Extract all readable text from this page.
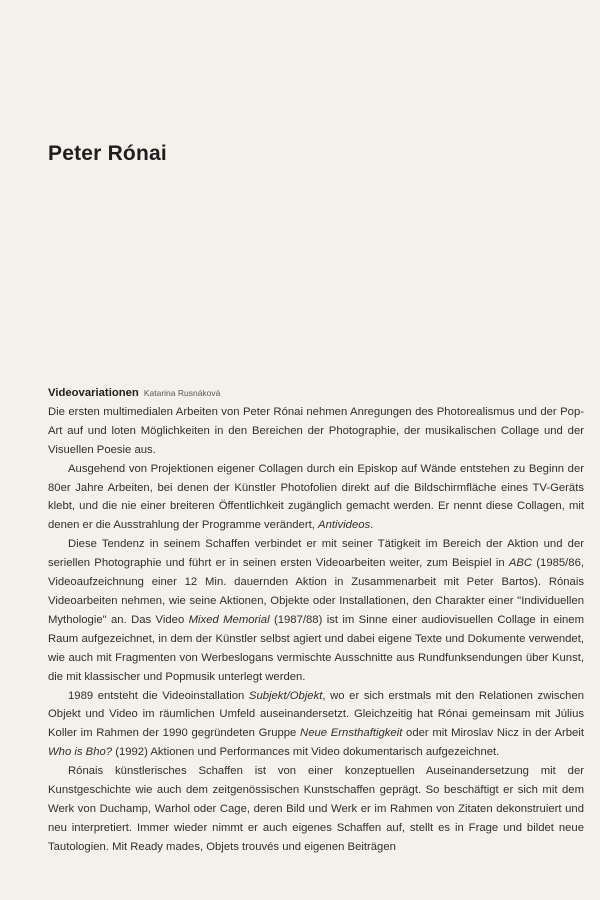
Peter Rónai
Videovariationen Katarina Rusnáková

Die ersten multimedialen Arbeiten von Peter Rónai nehmen Anregungen des Photorealismus und der Pop-Art auf und loten Möglichkeiten in den Bereichen der Photographie, der musikalischen Collage und der Visuellen Poesie aus.

Ausgehend von Projektionen eigener Collagen durch ein Episkop auf Wände entstehen zu Beginn der 80er Jahre Arbeiten, bei denen der Künstler Photofolien direkt auf die Bildschirmfläche eines TV-Geräts klebt, und die nie einer breiteren Öffentlichkeit zugänglich gemacht werden. Er nennt diese Collagen, mit denen er die Ausstrahlung der Programme verändert, Antivideos.

Diese Tendenz in seinem Schaffen verbindet er mit seiner Tätigkeit im Bereich der Aktion und der seriellen Photographie und führt er in seinen ersten Videoarbeiten weiter, zum Beispiel in ABC (1985/86, Videoaufzeichnung einer 12 Min. dauernden Aktion in Zusammenarbeit mit Peter Bartos). Rónais Videoarbeiten nehmen, wie seine Aktionen, Objekte oder Installationen, den Charakter einer "Individuellen Mythologie" an. Das Video Mixed Memorial (1987/88) ist im Sinne einer audiovisuellen Collage in einem Raum aufgezeichnet, in dem der Künstler selbst agiert und dabei eigene Texte und Dokumente verwendet, wie auch mit Fragmenten von Werbeslogans vermischte Ausschnitte aus Rundfunksendungen über Kunst, die mit klassischer und Popmusik unterlegt werden.

1989 entsteht die Videoinstallation Subjekt/Objekt, wo er sich erstmals mit den Relationen zwischen Objekt und Video im räumlichen Umfeld auseinandersetzt. Gleichzeitig hat Rónai gemeinsam mit Július Koller im Rahmen der 1990 gegründeten Gruppe Neue Ernsthaftigkeit oder mit Miroslav Nicz in der Arbeit Who is Bho? (1992) Aktionen und Performances mit Video dokumentarisch aufgezeichnet.

Rónais künstlerisches Schaffen ist von einer konzeptuellen Auseinandersetzung mit der Kunstgeschichte wie auch dem zeitgenössischen Kunstschaffen geprägt. So beschäftigt er sich mit dem Werk von Duchamp, Warhol oder Cage, deren Bild und Werk er im Rahmen von Zitaten dekonstruiert und neu interpretiert. Immer wieder nimmt er auch eigenes Schaffen auf, stellt es in Frage und bildet neue Tautologien. Mit Ready mades, Objets trouvés und eigenen Beiträgen
